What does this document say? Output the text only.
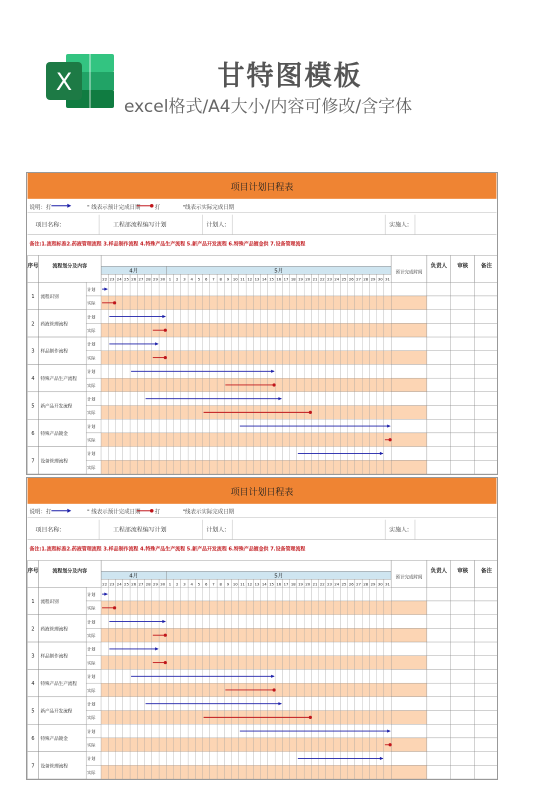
X	甘特图模板
excel格式/A4大小/内容可修改/含字体
项目计划日程表
说明：打	" 线表示预计完成日期	打	"线表示实际完成日期
项目名称:	工程部流程编写计划	计划人:	实施人:
备注:1.流程标准2.药液管理流程 3.样品制作流程 4.特殊产品生产流程 5.新产品开发流程 6.特殊产品镀金供 7.设备管理流程
4月
22 23 24 25 26 27 28 29 30
5月
1 2 3 4 5 6 7 8 9 10 11 12 13 14 15 16 17 18 19 20 21 22 23 24 25 26 27 28 29 30 31
序号	流程划分及内容
预计完成时间
负责人 审核 备注
1 流程识别
计划
实际
2 药液管理流程
计划
实际
3 样品制作流程
计划
实际
4 特殊产品生产流程
计划
实际
5 新产品开发流程
计划
实际
6 特殊产品镀金
计划
实际
7 设备管理流程
计划
实际
项目计划日程表
说明：打	" 线表示预计完成日期	打	"线表示实际完成日期
项目名称:	工程部流程编写计划	计划人:	实施人:
备注:1.流程标准2.药液管理流程 3.样品制作流程 4.特殊产品生产流程 5.新产品开发流程 6.特殊产品镀金供 7.设备管理流程
4月
22 23 24 25 26 27 28 29 30
5月
1 2 3 4 5 6 7 8 9 10 11 12 13 14 15 16 17 18 19 20 21 22 23 24 25 26 27 28 29 30 31
序号	流程划分及内容
预计完成时间
负责人 审核 备注
1 流程识别
计划
实际
2 药液管理流程
计划
实际
3 样品制作流程
计划
实际
4 特殊产品生产流程
计划
实际
5 新产品开发流程
计划
实际
6 特殊产品镀金
计划
实际
7 设备管理流程
计划
实际
